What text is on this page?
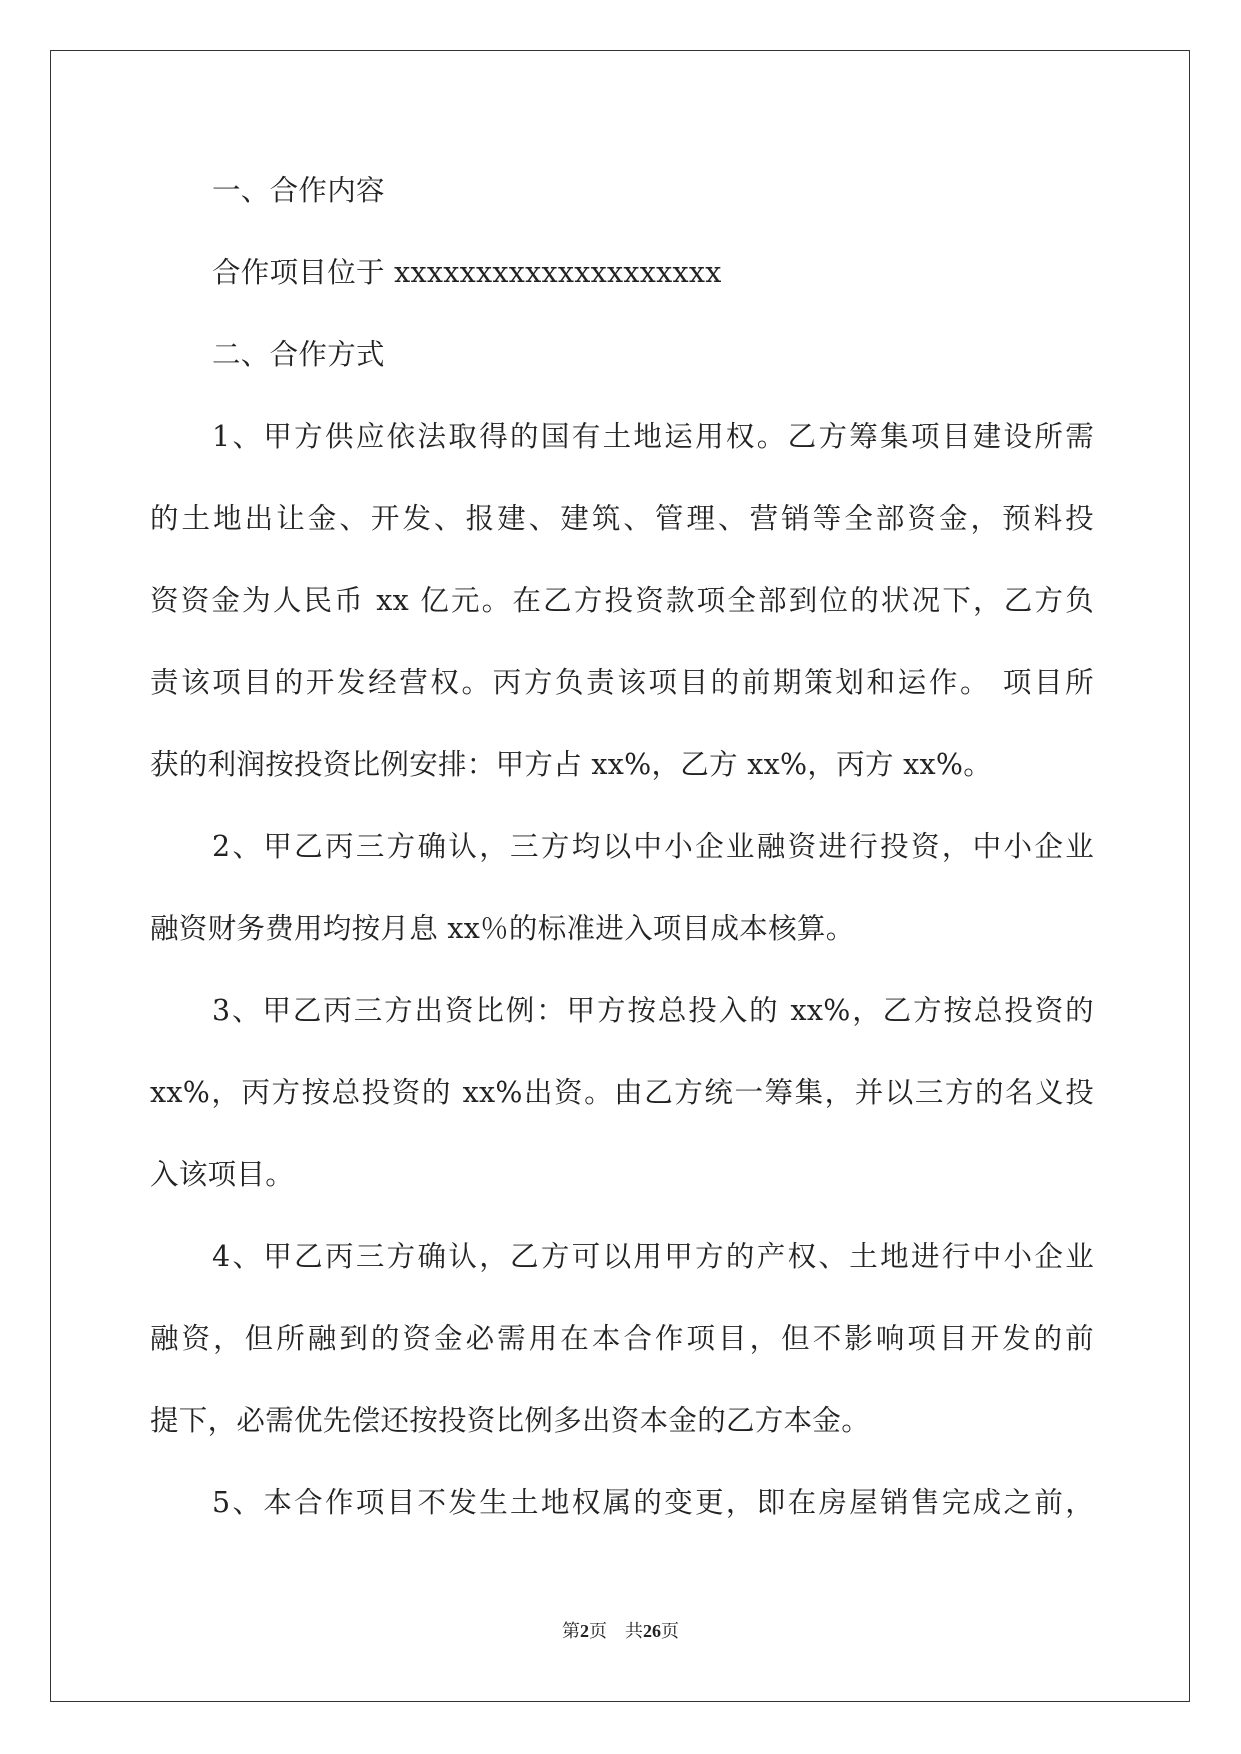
一、合作内容
合作项目位于 xxxxxxxxxxxxxxxxxxxx
二、合作方式
1、甲方供应依法取得的国有土地运用权。乙方筹集项目建设所需
的土地出让金、开发、报建、建筑、管理、营销等全部资金，预料投
资资金为人民币 xx 亿元。在乙方投资款项全部到位的状况下，乙方负
责该项目的开发经营权。丙方负责该项目的前期策划和运作。 项目所
获的利润按投资比例安排：甲方占 xx%，乙方 xx%，丙方 xx%。
2、甲乙丙三方确认，三方均以中小企业融资进行投资，中小企业
融资财务费用均按月息 xx％的标准进入项目成本核算。
3、甲乙丙三方出资比例：甲方按总投入的 xx%，乙方按总投资的
xx%，丙方按总投资的 xx%出资。由乙方统一筹集，并以三方的名义投
入该项目。
4、甲乙丙三方确认，乙方可以用甲方的产权、土地进行中小企业
融资，但所融到的资金必需用在本合作项目，但不影响项目开发的前
提下，必需优先偿还按投资比例多出资本金的乙方本金。
5、本合作项目不发生土地权属的变更，即在房屋销售完成之前，
第2页 共26页
